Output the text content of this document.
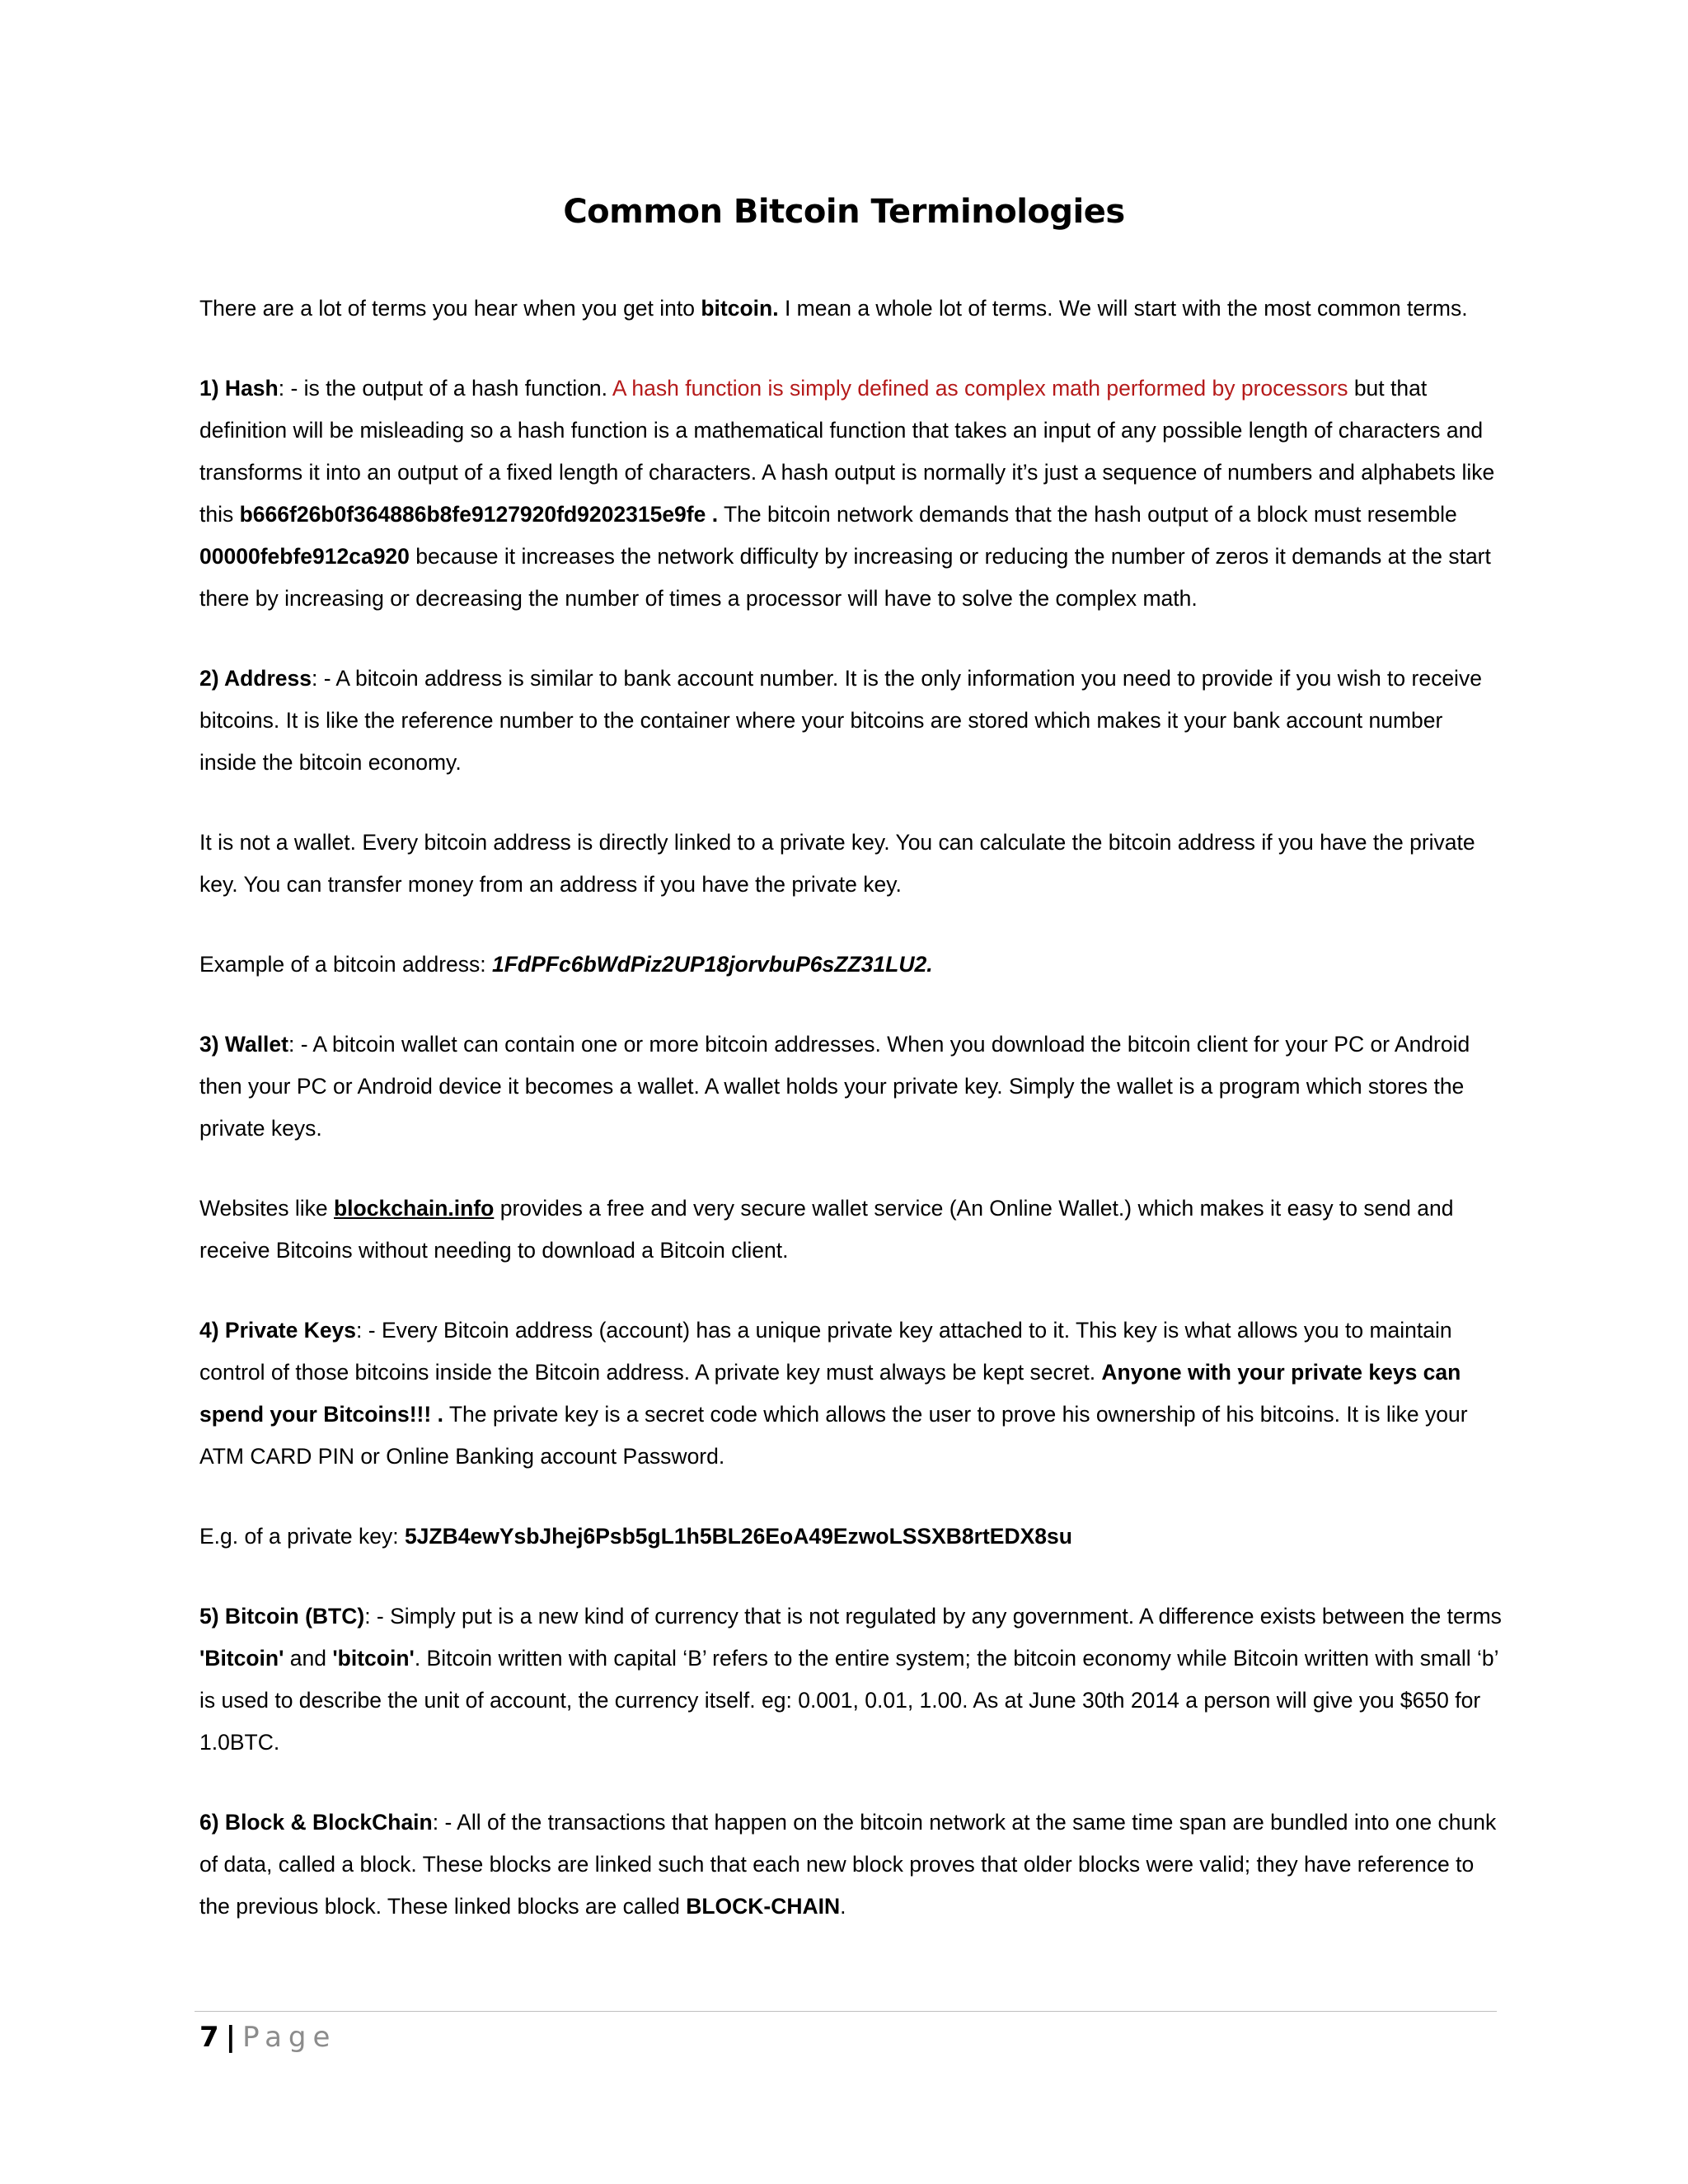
Common Bitcoin Terminologies

There are a lot of terms you hear when you get into bitcoin. I mean a whole lot of terms. We will start with the most common terms.

1) Hash: - is the output of a hash function. A hash function is simply defined as complex math performed by processors but that definition will be misleading so a hash function is a mathematical function that takes an input of any possible length of characters and transforms it into an output of a fixed length of characters. A hash output is normally it’s just a sequence of numbers and alphabets like this b666f26b0f364886b8fe9127920fd9202315e9fe . The bitcoin network demands that the hash output of a block must resemble 00000febfe912ca920 because it increases the network difficulty by increasing or reducing the number of zeros it demands at the start there by increasing or decreasing the number of times a processor will have to solve the complex math.

2) Address: - A bitcoin address is similar to bank account number. It is the only information you need to provide if you wish to receive bitcoins. It is like the reference number to the container where your bitcoins are stored which makes it your bank account number inside the bitcoin economy.

It is not a wallet. Every bitcoin address is directly linked to a private key. You can calculate the bitcoin address if you have the private key. You can transfer money from an address if you have the private key.

Example of a bitcoin address: 1FdPFc6bWdPiz2UP18jorvbuP6sZZ31LU2.

3) Wallet: - A bitcoin wallet can contain one or more bitcoin addresses. When you download the bitcoin client for your PC or Android then your PC or Android device it becomes a wallet. A wallet holds your private key. Simply the wallet is a program which stores the private keys.

Websites like blockchain.info provides a free and very secure wallet service (An Online Wallet.) which makes it easy to send and receive Bitcoins without needing to download a Bitcoin client.

4) Private Keys: - Every Bitcoin address (account) has a unique private key attached to it. This key is what allows you to maintain control of those bitcoins inside the Bitcoin address. A private key must always be kept secret. Anyone with your private keys can spend your Bitcoins!!! . The private key is a secret code which allows the user to prove his ownership of his bitcoins. It is like your ATM CARD PIN or Online Banking account Password.

E.g. of a private key: 5JZB4ewYsbJhej6Psb5gL1h5BL26EoA49EzwoLSSXB8rtEDX8su

5) Bitcoin (BTC): - Simply put is a new kind of currency that is not regulated by any government. A difference exists between the terms 'Bitcoin' and 'bitcoin'. Bitcoin written with capital ‘B’ refers to the entire system; the bitcoin economy while Bitcoin written with small ‘b’ is used to describe the unit of account, the currency itself. eg: 0.001, 0.01, 1.00. As at June 30th 2014 a person will give you $650 for 1.0BTC.

6) Block & BlockChain: - All of the transactions that happen on the bitcoin network at the same time span are bundled into one chunk of data, called a block. These blocks are linked such that each new block proves that older blocks were valid; they have reference to the previous block. These linked blocks are called BLOCK-CHAIN.

7 | Page
